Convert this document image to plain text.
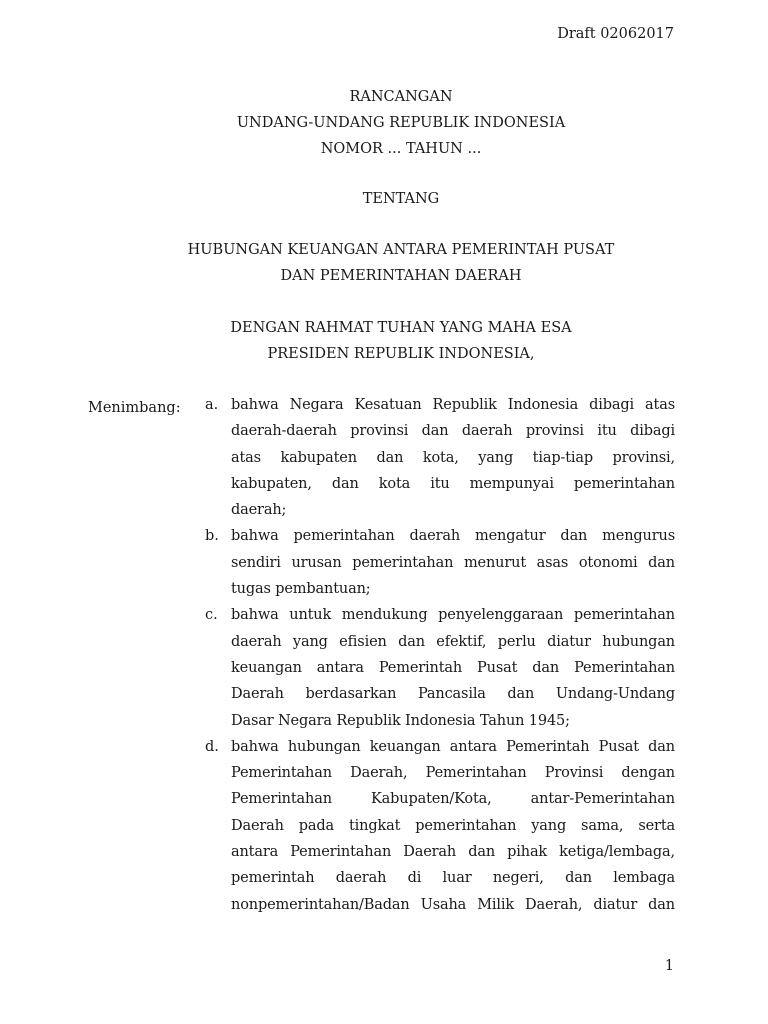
Draft 02062017
RANCANGAN
UNDANG-UNDANG REPUBLIK INDONESIA
NOMOR ... TAHUN ...
TENTANG
HUBUNGAN KEUANGAN ANTARA PEMERINTAH PUSAT
DAN PEMERINTAHAN DAERAH
DENGAN RAHMAT TUHAN YANG MAHA ESA
PRESIDEN REPUBLIK INDONESIA,
Menimbang: a. bahwa Negara Kesatuan Republik Indonesia dibagi atas
daerah-daerah provinsi dan daerah provinsi itu dibagi
atas kabupaten dan kota, yang tiap-tiap provinsi,
kabupaten, dan kota itu mempunyai pemerintahan
daerah;
b. bahwa pemerintahan daerah mengatur dan mengurus
sendiri urusan pemerintahan menurut asas otonomi dan
tugas pembantuan;
c. bahwa untuk mendukung penyelenggaraan pemerintahan
daerah yang efisien dan efektif, perlu diatur hubungan
keuangan antara Pemerintah Pusat dan Pemerintahan
Daerah berdasarkan Pancasila dan Undang-Undang
Dasar Negara Republik Indonesia Tahun 1945;
d. bahwa hubungan keuangan antara Pemerintah Pusat dan
Pemerintahan Daerah, Pemerintahan Provinsi dengan
Pemerintahan Kabupaten/Kota, antar-Pemerintahan
Daerah pada tingkat pemerintahan yang sama, serta
antara Pemerintahan Daerah dan pihak ketiga/lembaga,
pemerintah daerah di luar negeri, dan lembaga
nonpemerintahan/Badan Usaha Milik Daerah, diatur dan
1
